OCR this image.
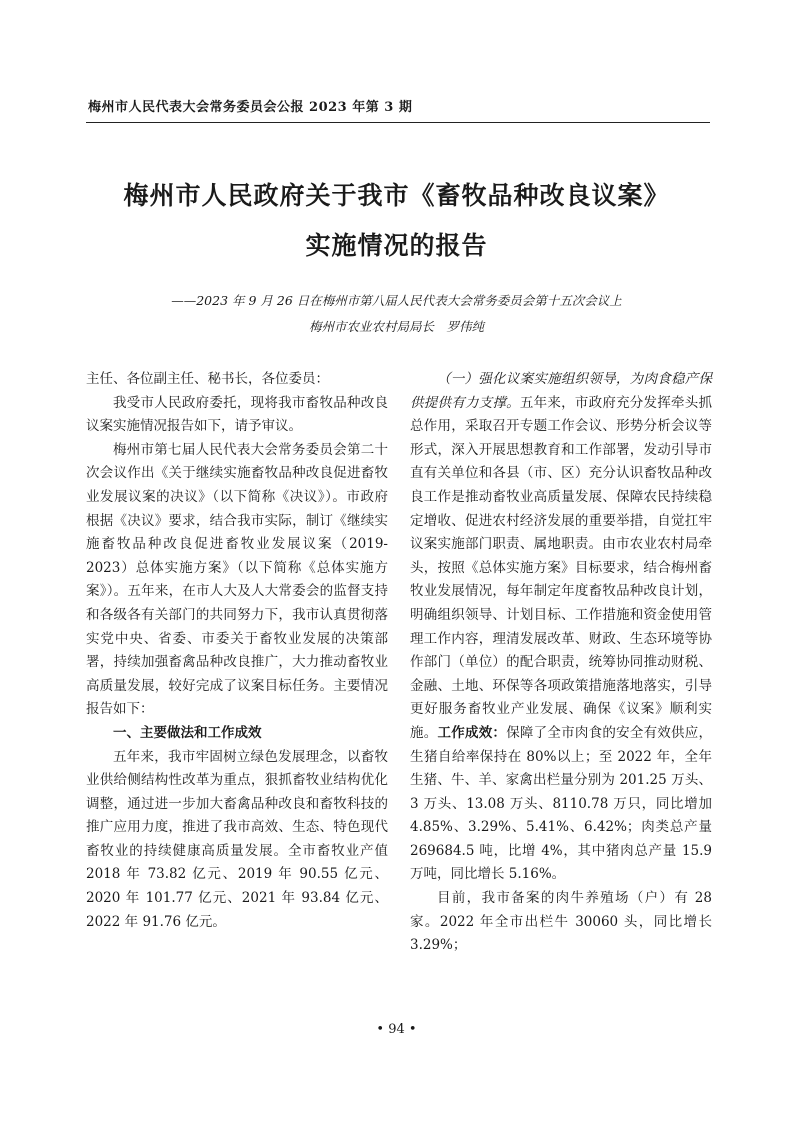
梅州市人民代表大会常务委员会公报 2023 年第 3 期
梅州市人民政府关于我市《畜牧品种改良议案》
实施情况的报告
——2023 年 9 月 26 日在梅州市第八届人民代表大会常务委员会第十五次会议上
梅州市农业农村局局长　罗伟纯

主任、各位副主任、秘书长，各位委员：

我受市人民政府委托，现将我市畜牧品种改良议案实施情况报告如下，请予审议。

梅州市第七届人民代表大会常务委员会第二十次会议作出《关于继续实施畜牧品种改良促进畜牧业发展议案的决议》（以下简称《决议》）。市政府根据《决议》要求，结合我市实际，制订《继续实施畜牧品种改良促进畜牧业发展议案（2019-2023）总体实施方案》（以下简称《总体实施方案》）。五年来，在市人大及人大常委会的监督支持和各级各有关部门的共同努力下，我市认真贯彻落实党中央、省委、市委关于畜牧业发展的决策部署，持续加强畜禽品种改良推广，大力推动畜牧业高质量发展，较好完成了议案目标任务。主要情况报告如下：

一、主要做法和工作成效

五年来，我市牢固树立绿色发展理念，以畜牧业供给侧结构性改革为重点，狠抓畜牧业结构优化调整，通过进一步加大畜禽品种改良和畜牧科技的推广应用力度，推进了我市高效、生态、特色现代畜牧业的持续健康高质量发展。全市畜牧业产值 2018 年 73.82 亿元、2019 年 90.55 亿元、2020 年 101.77 亿元、2021 年 93.84 亿元、2022 年 91.76 亿元。

（一）强化议案实施组织领导，为肉食稳产保供提供有力支撑。五年来，市政府充分发挥牵头抓总作用，采取召开专题工作会议、形势分析会议等形式，深入开展思想教育和工作部署，发动引导市直有关单位和各县（市、区）充分认识畜牧品种改良工作是推动畜牧业高质量发展、保障农民持续稳定增收、促进农村经济发展的重要举措，自觉扛牢议案实施部门职责、属地职责。由市农业农村局牵头，按照《总体实施方案》目标要求，结合梅州畜牧业发展情况，每年制定年度畜牧品种改良计划，明确组织领导、计划目标、工作措施和资金使用管理工作内容，理清发展改革、财政、生态环境等协作部门（单位）的配合职责，统筹协同推动财税、金融、土地、环保等各项政策措施落地落实，引导更好服务畜牧业产业发展、确保《议案》顺利实施。工作成效：保障了全市肉食的安全有效供应，生猪自给率保持在 80%以上；至 2022 年，全年生猪、牛、羊、家禽出栏量分别为 201.25 万头、3 万头、13.08 万头、8110.78 万只，同比增加 4.85%、3.29%、5.41%、6.42%；肉类总产量 269684.5 吨，比增 4%，其中猪肉总产量 15.9 万吨，同比增长 5.16%。

目前，我市备案的肉牛养殖场（户）有 28 家。2022 年全市出栏牛 30060 头，同比增长 3.29%；

• 94 •
